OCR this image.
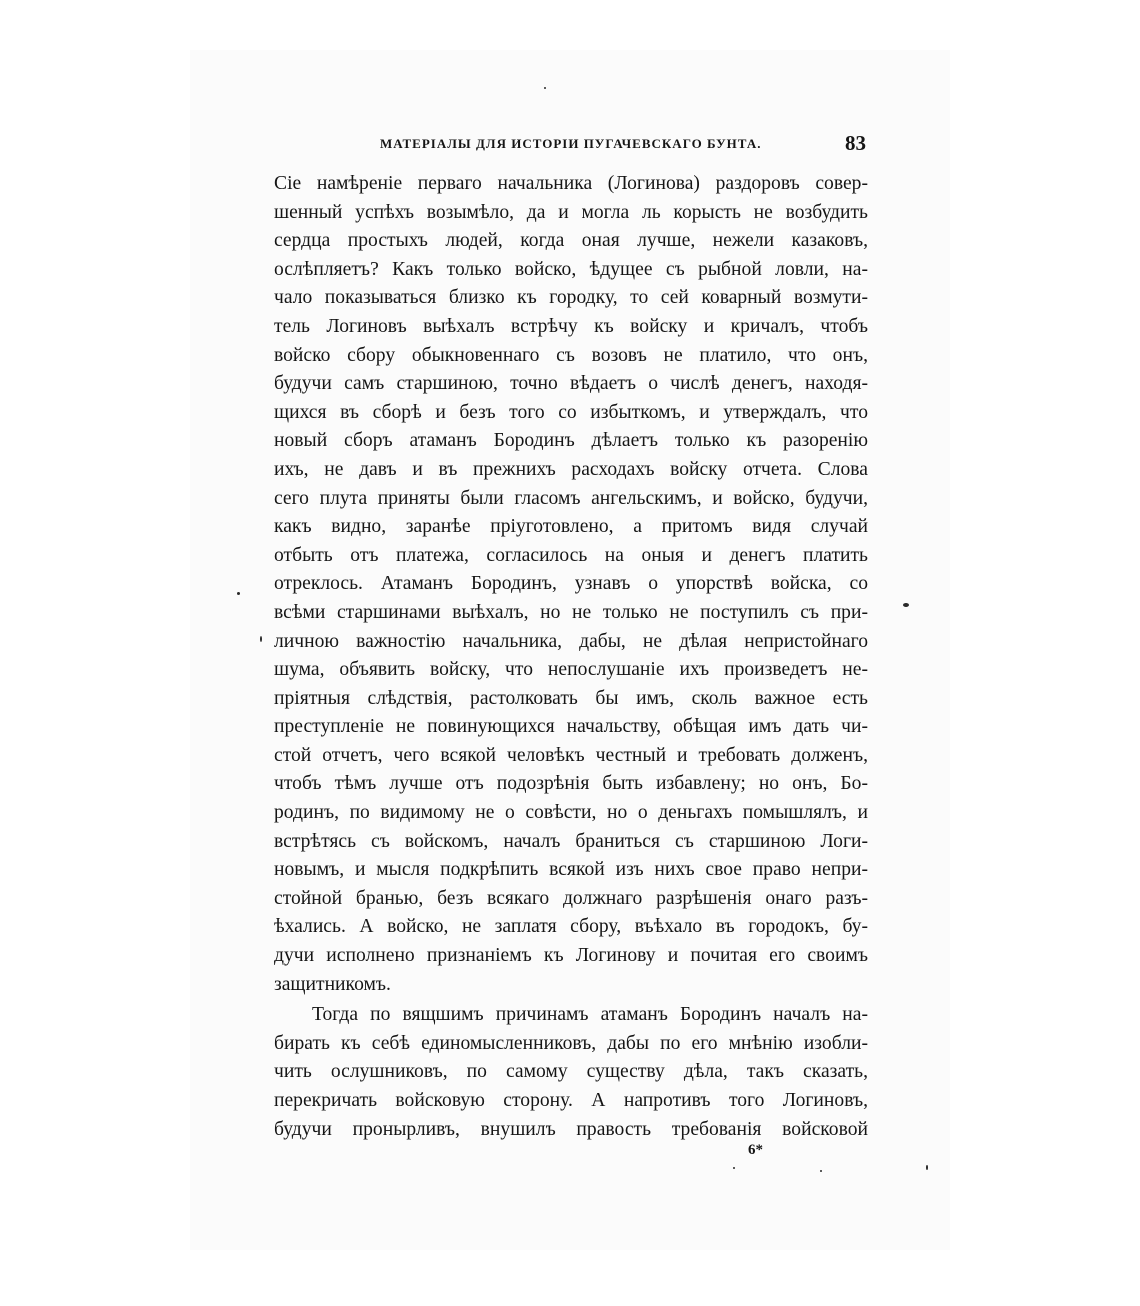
МАТЕРІАЛЫ ДЛЯ ИСТОРІИ ПУГАЧЕВСКАГО БУНТА.	83
Сіе намѣреніе перваго начальника (Логинова) раздоровъ совер-
шенный успѣхъ возымѣло, да и могла ль корысть не возбудить
сердца простыхъ людей, когда оная лучше, нежели казаковъ,
ослѣпляетъ? Какъ только войско, ѣдущее съ рыбной ловли, на-
чало показываться близко къ городку, то сей коварный возмути-
тель Логиновъ выѣхалъ встрѣчу къ войску и кричалъ, чтобъ
войско сбору обыкновеннаго съ возовъ не платило, что онъ,
будучи самъ старшиною, точно вѣдаетъ о числѣ денегъ, находя-
щихся въ сборѣ и безъ того со избыткомъ, и утверждалъ, что
новый сборъ атаманъ Бородинъ дѣлаетъ только къ разоренію
ихъ, не давъ и въ прежнихъ расходахъ войску отчета. Слова
сего плута приняты были гласомъ ангельскимъ, и войско, будучи,
какъ видно, заранѣе пріуготовлено, а притомъ видя случай
отбыть отъ платежа, согласилось на оныя и денегъ платить
отреклось. Атаманъ Бородинъ, узнавъ о упорствѣ войска, со
всѣми старшинами выѣхалъ, но не только не поступилъ съ при-
личною важностію начальника, дабы, не дѣлая непристойнаго
шума, объявить войску, что непослушаніе ихъ произведетъ не-
пріятныя слѣдствія, растолковать бы имъ, сколь важное есть
преступленіе не повинующихся начальству, обѣщая имъ дать чи-
стой отчетъ, чего всякой человѣкъ честный и требовать долженъ,
чтобъ тѣмъ лучше отъ подозрѣнія быть избавлену; но онъ, Бо-
родинъ, по видимому не о совѣсти, но о деньгахъ помышлялъ, и
встрѣтясь съ войскомъ, началъ браниться съ старшиною Логи-
новымъ, и мысля подкрѣпить всякой изъ нихъ свое право непри-
стойной бранью, безъ всякаго должнаго разрѣшенія онаго разъ-
ѣхались. А войско, не заплатя сбору, въѣхало въ городокъ, бу-
дучи исполнено признаніемъ къ Логинову и почитая его своимъ
защитникомъ.
Тогда по вящшимъ причинамъ атаманъ Бородинъ началъ на-
бирать къ себѣ единомысленниковъ, дабы по его мнѣнію изобли-
чить ослушниковъ, по самому существу дѣла, такъ сказать,
перекричать войсковую сторону. А напротивъ того Логиновъ,
будучи пронырливъ, внушилъ правость требованія войсковой
6*
